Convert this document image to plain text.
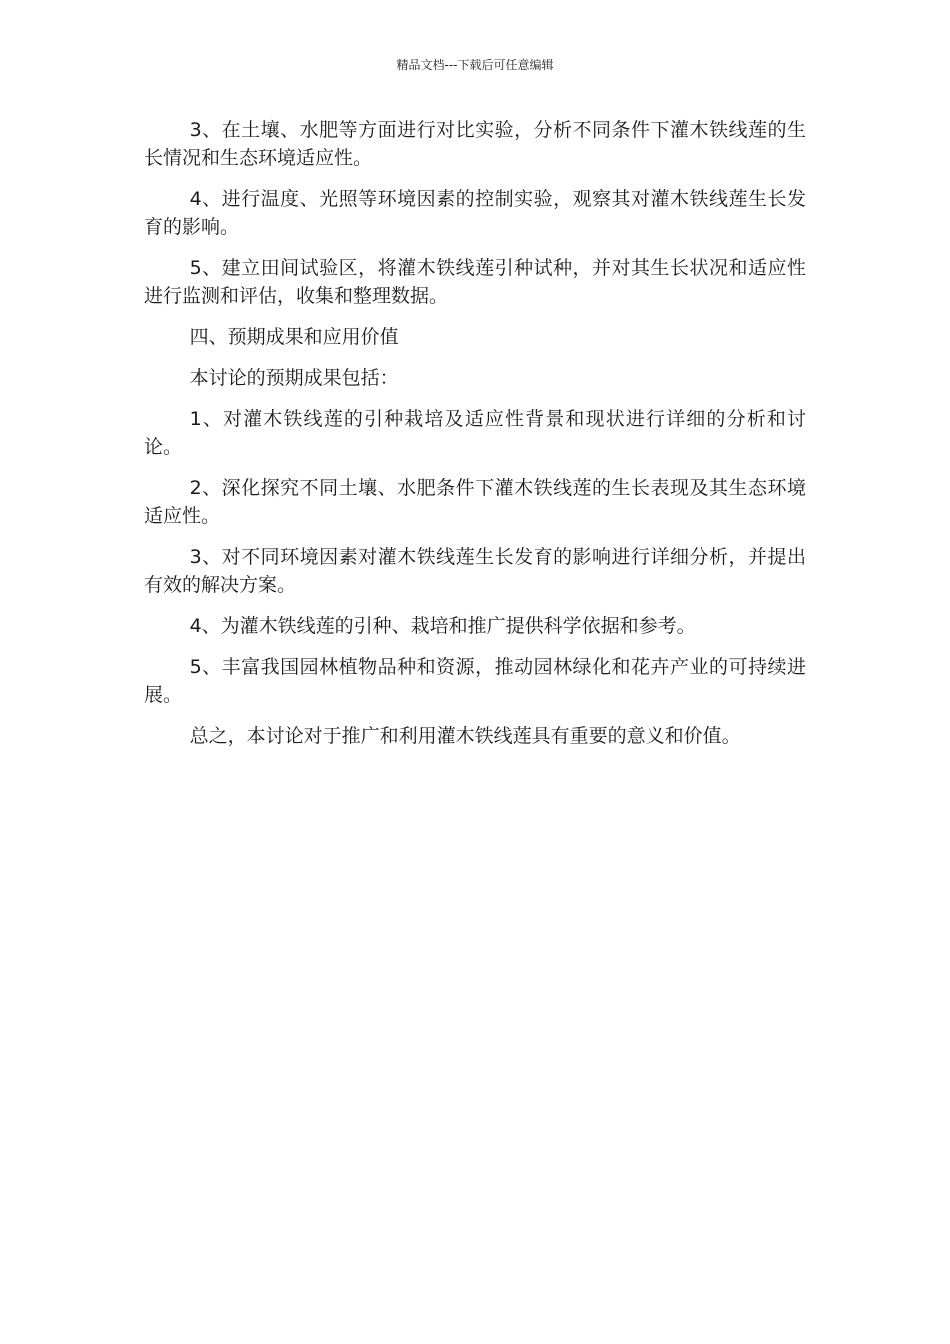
精品文档---下载后可任意编辑

3、在土壤、水肥等方面进行对比实验，分析不同条件下灌木铁线莲的生长情况和生态环境适应性。

4、进行温度、光照等环境因素的控制实验，观察其对灌木铁线莲生长发育的影响。

5、建立田间试验区，将灌木铁线莲引种试种，并对其生长状况和适应性进行监测和评估，收集和整理数据。

四、预期成果和应用价值

本讨论的预期成果包括：

1、对灌木铁线莲的引种栽培及适应性背景和现状进行详细的分析和讨论。

2、深化探究不同土壤、水肥条件下灌木铁线莲的生长表现及其生态环境适应性。

3、对不同环境因素对灌木铁线莲生长发育的影响进行详细分析，并提出有效的解决方案。

4、为灌木铁线莲的引种、栽培和推广提供科学依据和参考。

5、丰富我国园林植物品种和资源，推动园林绿化和花卉产业的可持续进展。

总之，本讨论对于推广和利用灌木铁线莲具有重要的意义和价值。
